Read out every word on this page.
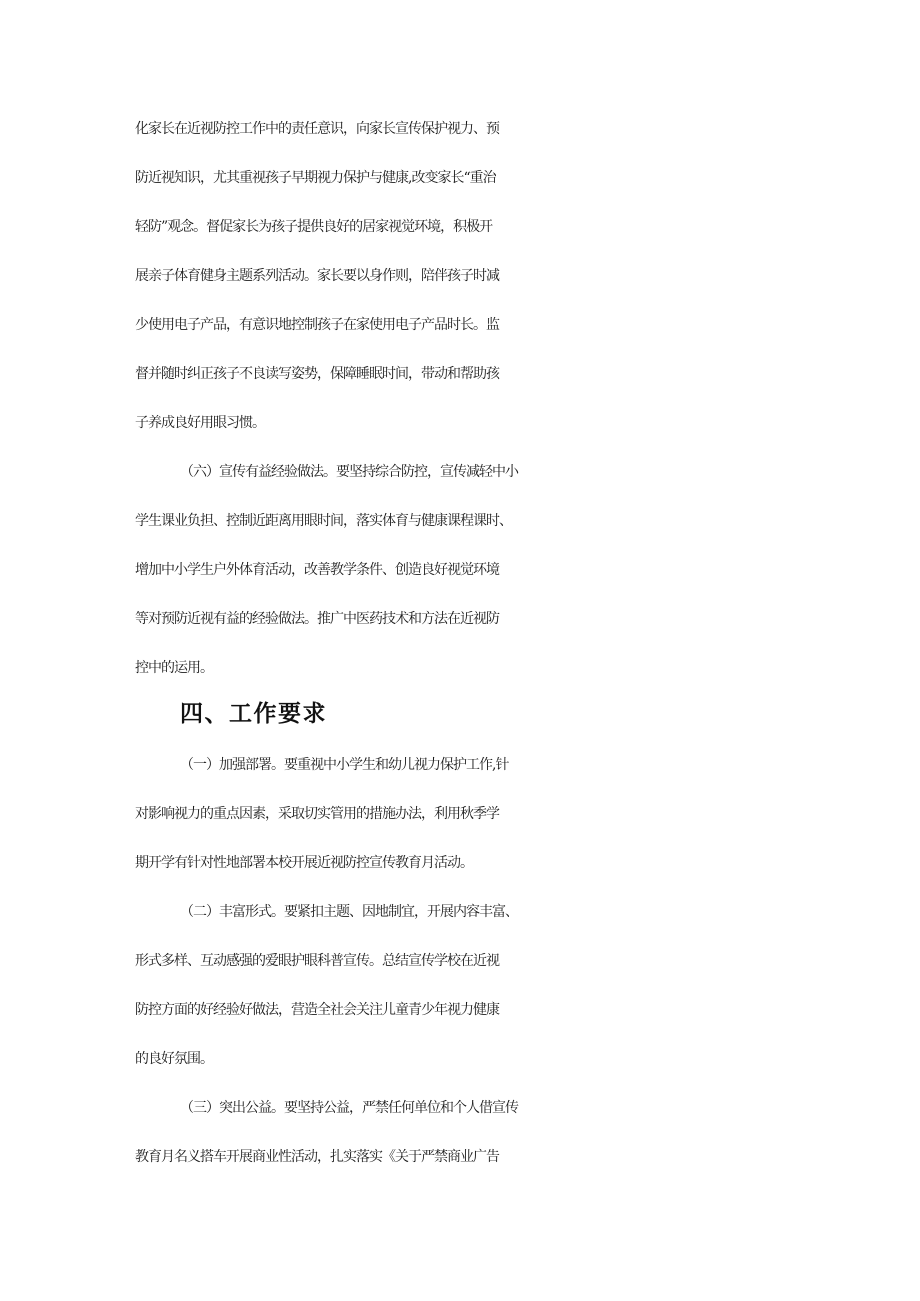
化家长在近视防控工作中的责任意识，向家长宣传保护视力、预
防近视知识，尤其重视孩子早期视力保护与健康,改变家长“重治
轻防”观念。督促家长为孩子提供良好的居家视觉环境，积极开
展亲子体育健身主题系列活动。家长要以身作则，陪伴孩子时减
少使用电子产品，有意识地控制孩子在家使用电子产品时长。监
督并随时纠正孩子不良读写姿势，保障睡眠时间，带动和帮助孩
子养成良好用眼习惯。
（六）宣传有益经验做法。要坚持综合防控，宣传减轻中小
学生课业负担、控制近距离用眼时间，落实体育与健康课程课时、
增加中小学生户外体育活动，改善教学条件、创造良好视觉环境
等对预防近视有益的经验做法。推广中医药技术和方法在近视防
控中的运用。
四、工作要求
（一）加强部署。要重视中小学生和幼儿视力保护工作,针
对影响视力的重点因素，采取切实管用的措施办法，利用秋季学
期开学有针对性地部署本校开展近视防控宣传教育月活动。
（二）丰富形式。要紧扣主题、因地制宜，开展内容丰富、
形式多样、互动感强的爱眼护眼科普宣传。总结宣传学校在近视
防控方面的好经验好做法，营造全社会关注儿童青少年视力健康
的良好氛围。
（三）突出公益。要坚持公益，严禁任何单位和个人借宣传
教育月名义搭车开展商业性活动，扎实落实《关于严禁商业广告
